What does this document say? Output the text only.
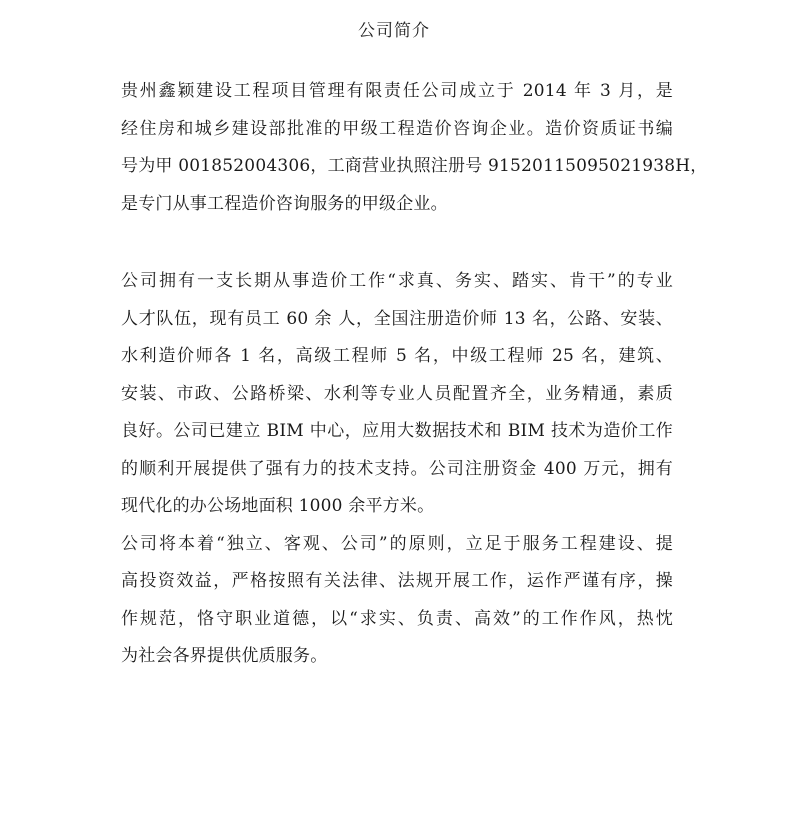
公司简介
贵州鑫颖建设工程项目管理有限责任公司成立于 2014 年 3 月，是
经住房和城乡建设部批准的甲级工程造价咨询企业。造价资质证书编
号为甲 001852004306，工商营业执照注册号 91520115095021938H，
是专门从事工程造价咨询服务的甲级企业。
公司拥有一支长期从事造价工作“求真、务实、踏实、肯干”的专业
人才队伍，现有员工 60 余 人，全国注册造价师 13 名，公路、安装、
水利造价师各 1 名，高级工程师 5 名，中级工程师 25 名，建筑、
安装、市政、公路桥梁、水利等专业人员配置齐全，业务精通，素质
良好。公司已建立 BIM 中心，应用大数据技术和 BIM 技术为造价工作
的顺利开展提供了强有力的技术支持。公司注册资金 400 万元，拥有
现代化的办公场地面积 1000 余平方米。
公司将本着“独立、客观、公司”的原则，立足于服务工程建设、提
高投资效益，严格按照有关法律、法规开展工作，运作严谨有序，操
作规范，恪守职业道德，以“求实、负责、高效”的工作作风，热忱
为社会各界提供优质服务。
